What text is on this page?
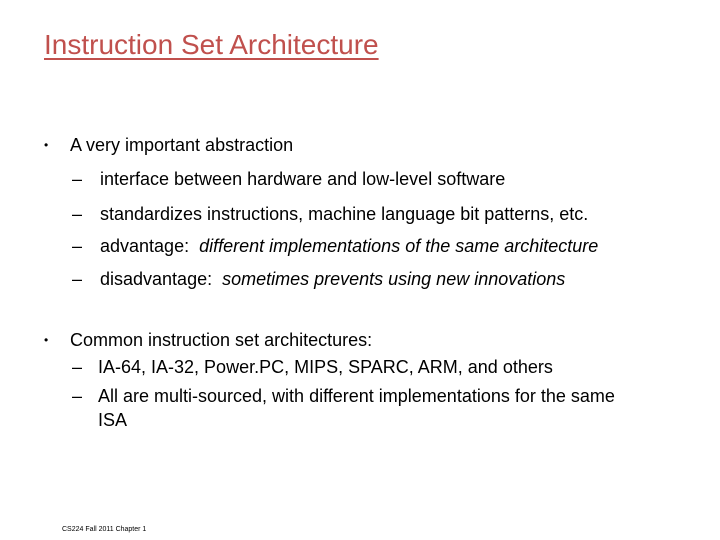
Instruction Set Architecture
• A very important abstraction
– interface between hardware and low-level software
– standardizes instructions, machine language bit patterns, etc.
– advantage:  different implementations of the same architecture
– disadvantage:  sometimes prevents using new innovations
• Common instruction set architectures:
– IA-64, IA-32, Power.PC, MIPS, SPARC, ARM, and others
– All are multi-sourced, with different implementations for the same
ISA
CS224 Fall 2011 Chapter 1
